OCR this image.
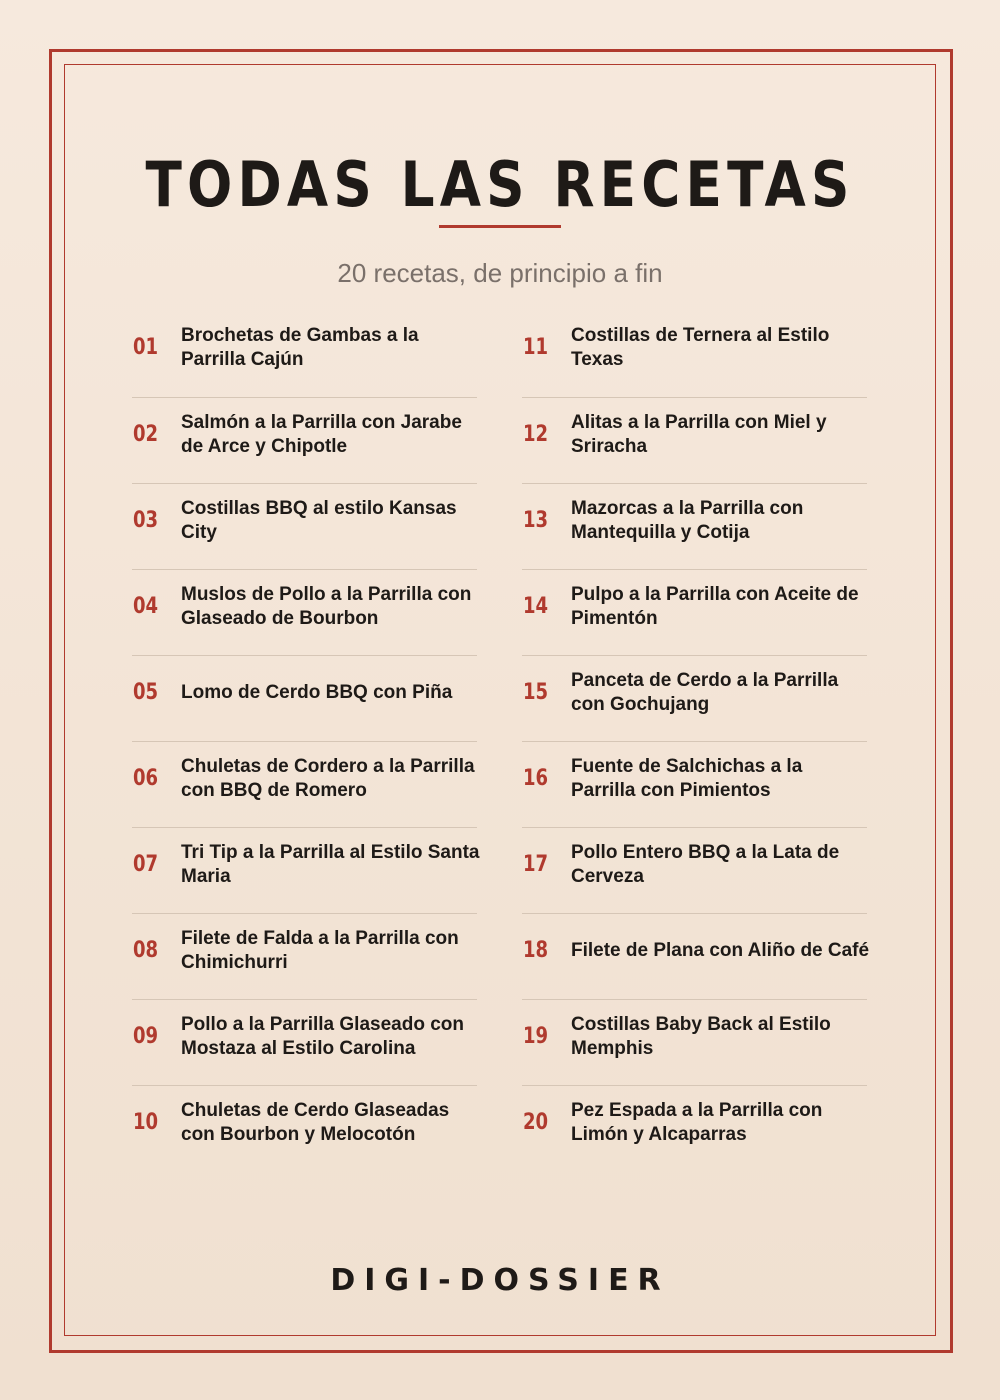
TODAS LAS RECETAS
20 recetas, de principio a fin
01 Brochetas de Gambas a la Parrilla Cajún
02 Salmón a la Parrilla con Jarabe de Arce y Chipotle
03 Costillas BBQ al estilo Kansas City
04 Muslos de Pollo a la Parrilla con Glaseado de Bourbon
05 Lomo de Cerdo BBQ con Piña
06 Chuletas de Cordero a la Parrilla con BBQ de Romero
07 Tri Tip a la Parrilla al Estilo Santa Maria
08 Filete de Falda a la Parrilla con Chimichurri
09 Pollo a la Parrilla Glaseado con Mostaza al Estilo Carolina
10 Chuletas de Cerdo Glaseadas con Bourbon y Melocotón
11 Costillas de Ternera al Estilo Texas
12 Alitas a la Parrilla con Miel y Sriracha
13 Mazorcas a la Parrilla con Mantequilla y Cotija
14 Pulpo a la Parrilla con Aceite de Pimentón
15 Panceta de Cerdo a la Parrilla con Gochujang
16 Fuente de Salchichas a la Parrilla con Pimientos
17 Pollo Entero BBQ a la Lata de Cerveza
18 Filete de Plana con Aliño de Café
19 Costillas Baby Back al Estilo Memphis
20 Pez Espada a la Parrilla con Limón y Alcaparras
DIGI-DOSSIER
